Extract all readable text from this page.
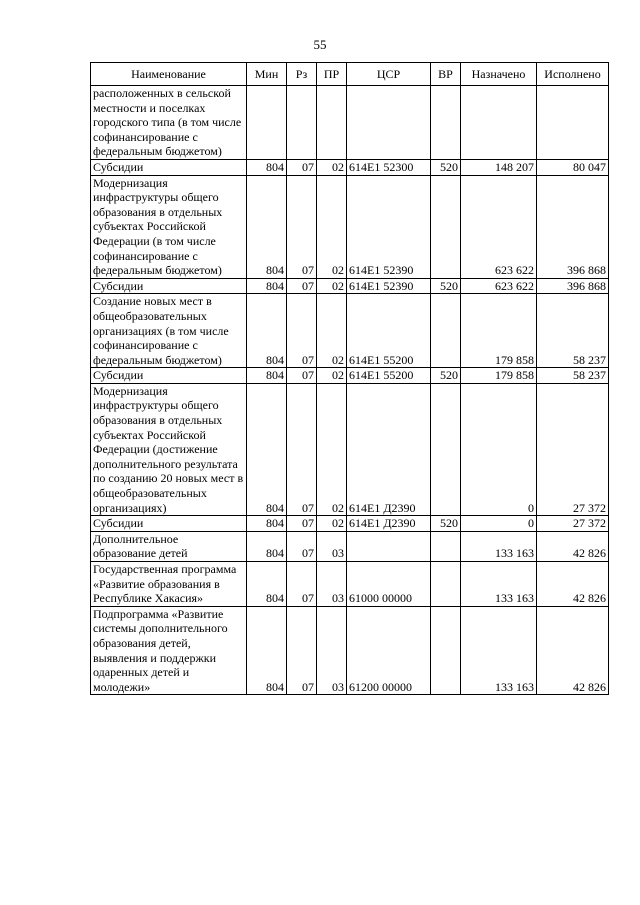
55
Наименование	Мин	Рз	ПР	ЦСР	ВР	Назначено	Исполнено
расположенных в сельской местности и поселках городского типа (в том числе софинансирование с федеральным бюджетом)							
Субсидии	804	07	02	614Е1 52300	520	148 207	80 047
Модернизация инфраструктуры общего образования в отдельных субъектах Российской Федерации (в том числе софинансирование с федеральным бюджетом)	804	07	02	614Е1 52390		623 622	396 868
Субсидии	804	07	02	614Е1 52390	520	623 622	396 868
Создание новых мест в общеобразовательных организациях (в том числе софинансирование с федеральным бюджетом)	804	07	02	614Е1 55200		179 858	58 237
Субсидии	804	07	02	614Е1 55200	520	179 858	58 237
Модернизация инфраструктуры общего образования в отдельных субъектах Российской Федерации (достижение дополнительного результата по созданию 20 новых мест в общеобразовательных организациях)	804	07	02	614Е1 Д2390		0	27 372
Субсидии	804	07	02	614Е1 Д2390	520	0	27 372
Дополнительное образование детей	804	07	03			133 163	42 826
Государственная программа «Развитие образования в Республике Хакасия»	804	07	03	61000 00000		133 163	42 826
Подпрограмма «Развитие системы дополнительного образования детей, выявления и поддержки одаренных детей и молодежи»	804	07	03	61200 00000		133 163	42 826
